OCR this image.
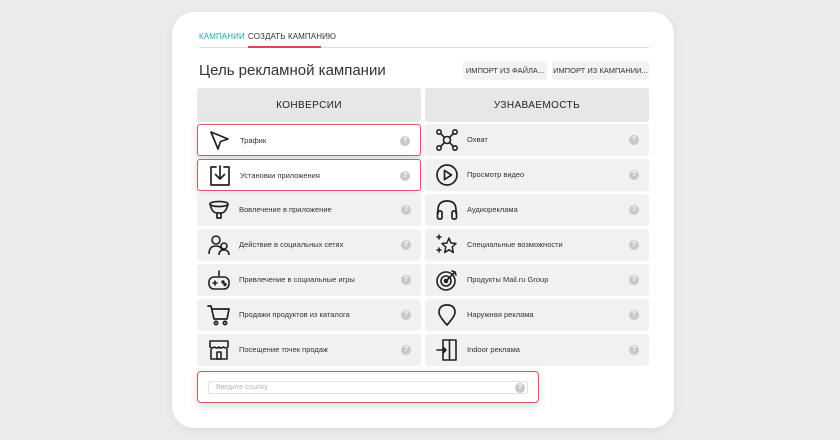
КАМПАНИИ СОЗДАТЬ КАМПАНИЮ
Цель рекламной кампании	ИМПОРТ ИЗ ФАЙЛА...	ИМПОРТ ИЗ КАМПАНИИ...
КОНВЕРСИИ	УЗНАВАЕМОСТЬ
Трафик	?
Установки приложения	?
Вовлечение в приложение	?
Действие в социальных сетях	?
Привлечение в социальные игры	?
Продажи продуктов из каталога	?
Посещение точек продаж	?
Охват	?
Просмотр видео	?
Аудиореклама	?
Специальные возможности	?
Продукты Mail.ru Group	?
Наружная реклама	?
Indoor реклама	?
Введите ссылку
?
